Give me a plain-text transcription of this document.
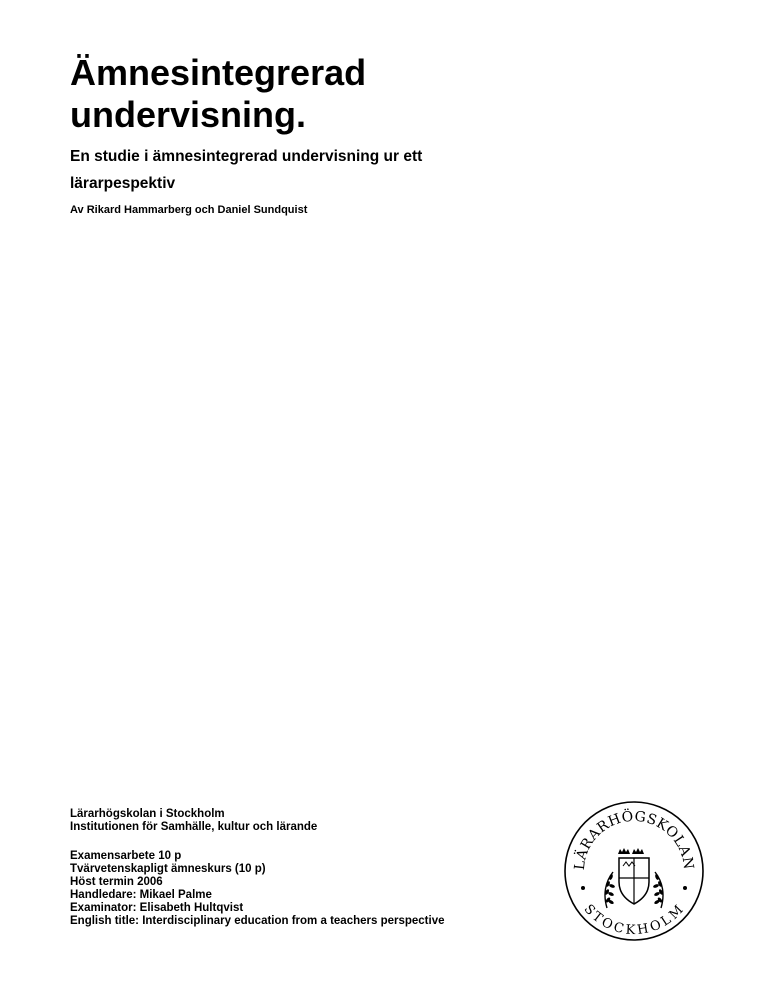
Ämnesintegrerad
undervisning.
En studie i ämnesintegrerad undervisning ur ett
lärarpespektiv

Av Rikard Hammarberg och Daniel Sundquist

Lärarhögskolan i Stockholm
Institutionen för Samhälle, kultur och lärande
Examensarbete 10 p
Tvärvetenskapligt ämneskurs (10 p)
Höst termin 2006
Handledare: Mikael Palme
Examinator: Elisabeth Hultqvist
English title: Interdisciplinary education from a teachers perspective
LÄRARHÖGSKOLAN
STOCKHOLM
